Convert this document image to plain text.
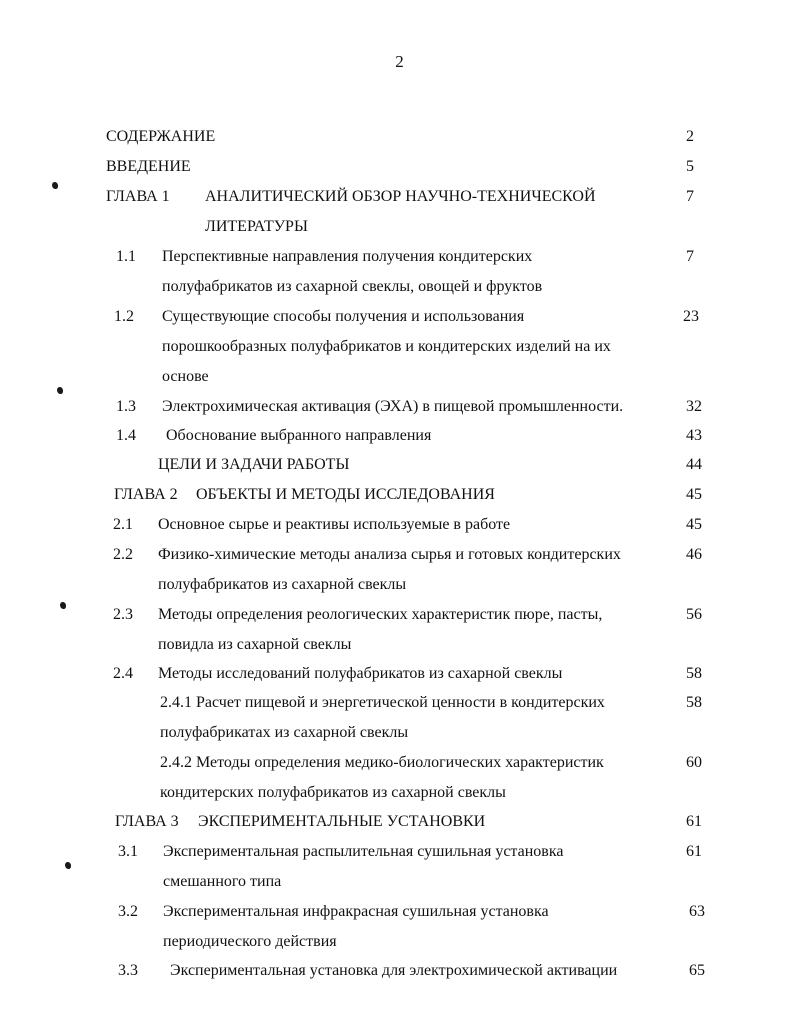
2
СОДЕРЖАНИЕ	2
ВВЕДЕНИЕ	5
ГЛАВА 1 АНАЛИТИЧЕСКИЙ ОБЗОР НАУЧНО-ТЕХНИЧЕСКОЙ	7
ЛИТЕРАТУРЫ
1.1 Перспективные направления получения кондитерских	7
полуфабрикатов из сахарной свеклы, овощей и фруктов
1.2 Существующие способы получения и использования	23
порошкообразных полуфабрикатов и кондитерских изделий на их
основе
1.3 Электрохимическая активация (ЭХА) в пищевой промышленности.	32
1.4 Обоснование выбранного направления	43
ЦЕЛИ И ЗАДАЧИ РАБОТЫ	44
ГЛАВА 2 ОБЪЕКТЫ И МЕТОДЫ ИССЛЕДОВАНИЯ	45
2.1 Основное сырье и реактивы используемые в работе	45
2.2 Физико-химические методы анализа сырья и готовых кондитерских	46
полуфабрикатов из сахарной свеклы
2.3 Методы определения реологических характеристик пюре, пасты,	56
повидла из сахарной свеклы
2.4 Методы исследований полуфабрикатов из сахарной свеклы	58
2.4.1 Расчет пищевой и энергетической ценности в кондитерских	58
полуфабрикатах из сахарной свеклы
2.4.2 Методы определения медико-биологических характеристик	60
кондитерских полуфабрикатов из сахарной свеклы
ГЛАВА 3 ЭКСПЕРИМЕНТАЛЬНЫЕ УСТАНОВКИ	61
3.1 Экспериментальная распылительная сушильная установка	61
смешанного типа
3.2 Экспериментальная инфракрасная сушильная установка	63
периодического действия
3.3 Экспериментальная установка для электрохимической активации	65
